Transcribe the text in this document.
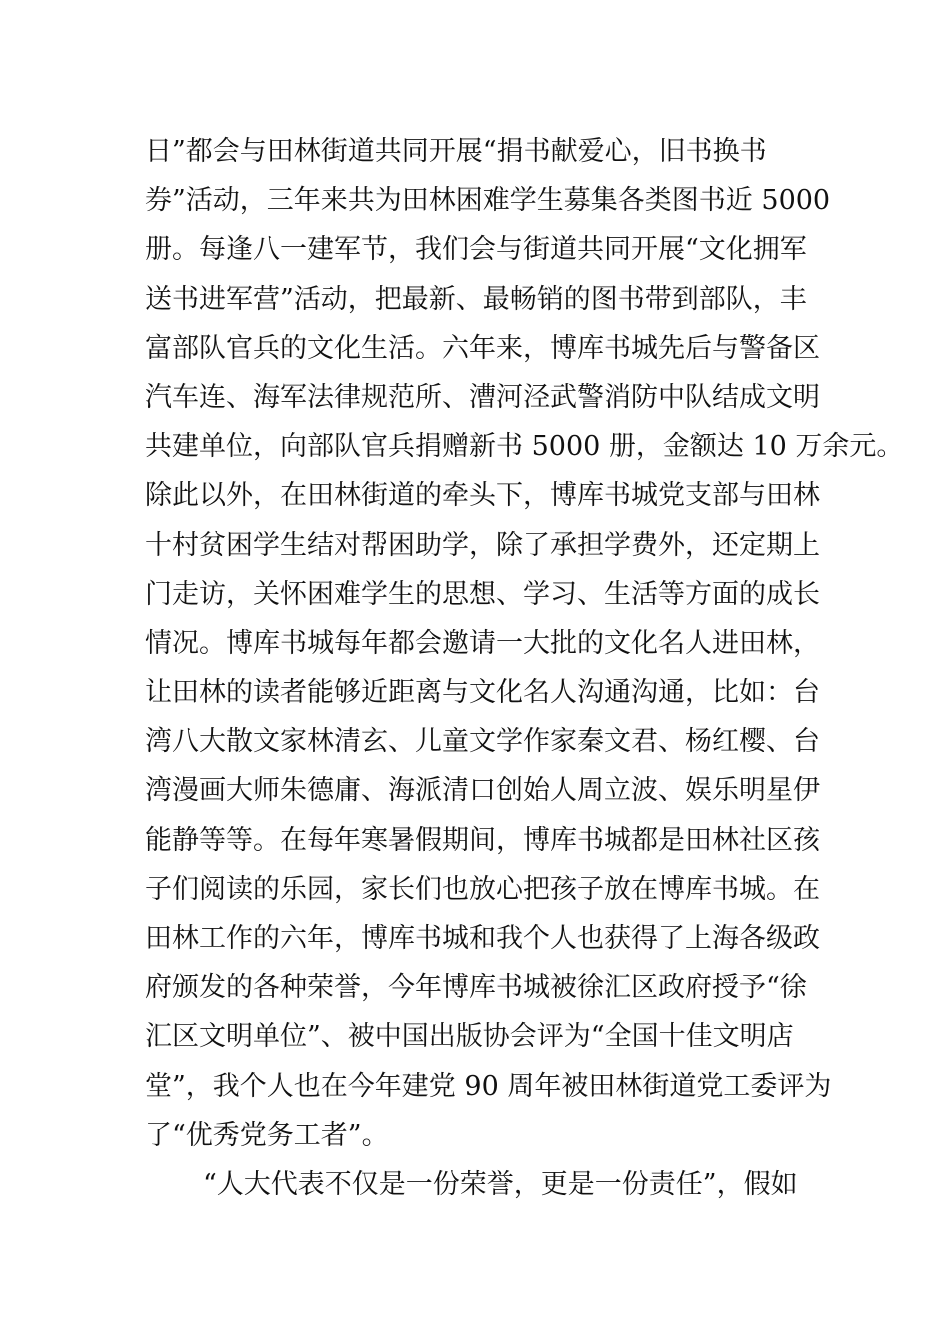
日”都会与田林街道共同开展“捐书献爱心，旧书换书
券”活动，三年来共为田林困难学生募集各类图书近 5000
册。每逢八一建军节，我们会与街道共同开展“文化拥军
送书进军营”活动，把最新、最畅销的图书带到部队，丰
富部队官兵的文化生活。六年来，博库书城先后与警备区
汽车连、海军法律规范所、漕河泾武警消防中队结成文明
共建单位，向部队官兵捐赠新书 5000 册，金额达 10 万余元。
除此以外，在田林街道的牵头下，博库书城党支部与田林
十村贫困学生结对帮困助学，除了承担学费外，还定期上
门走访，关怀困难学生的思想、学习、生活等方面的成长
情况。博库书城每年都会邀请一大批的文化名人进田林，
让田林的读者能够近距离与文化名人沟通沟通，比如：台
湾八大散文家林清玄、儿童文学作家秦文君、杨红樱、台
湾漫画大师朱德庸、海派清口创始人周立波、娱乐明星伊
能静等等。在每年寒暑假期间，博库书城都是田林社区孩
子们阅读的乐园，家长们也放心把孩子放在博库书城。在
田林工作的六年，博库书城和我个人也获得了上海各级政
府颁发的各种荣誉，今年博库书城被徐汇区政府授予“徐
汇区文明单位”、被中国出版协会评为“全国十佳文明店
堂”，我个人也在今年建党 90 周年被田林街道党工委评为
了“优秀党务工者”。
“人大代表不仅是一份荣誉，更是一份责任”，假如
